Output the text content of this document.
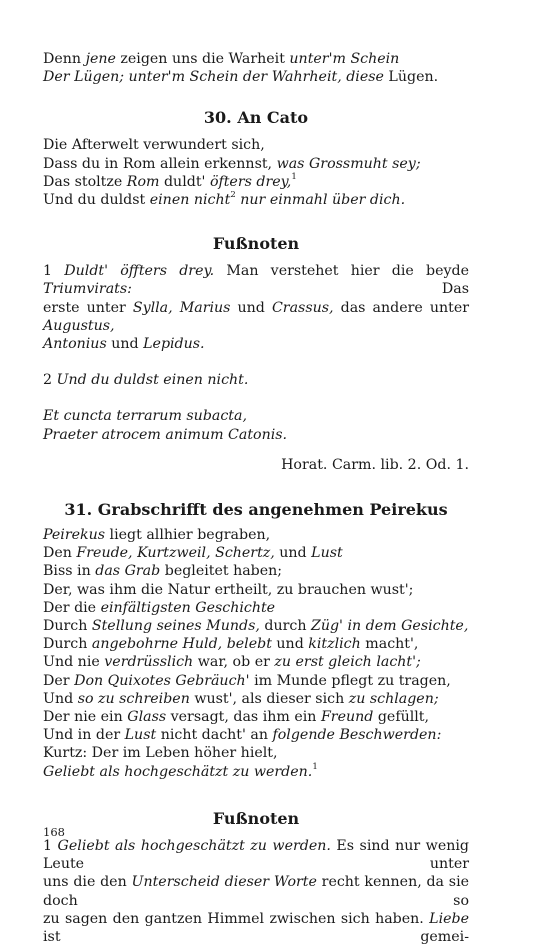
Denn jene zeigen uns die Warheit unter'm Schein
Der Lügen; unter'm Schein der Wahrheit, diese Lügen.
30. An Cato
Die Afterwelt verwundert sich,
Dass du in Rom allein erkennst, was Grossmuht sey;
Das stoltze Rom duldt' öfters drey,$^1$
Und du duldst einen nicht$^2$ nur einmahl über dich.
Fußnoten
1 Duldt' öffters drey. Man verstehet hier die beyde Triumvirats: Das
erste unter Sylla, Marius und Crassus, das andere unter Augustus,
Antonius und Lepidus.
2 Und du duldst einen nicht.
Et cuncta terrarum subacta,
Praeter atrocem animum Catonis.
Horat. Carm. lib. 2. Od. 1.
31. Grabschrifft des angenehmen Peirekus
Peirekus liegt allhier begraben,
Den Freude, Kurtzweil, Schertz, und Lust
Biss in das Grab begleitet haben;
Der, was ihm die Natur ertheilt, zu brauchen wust';
Der die einfältigsten Geschichte
Durch Stellung seines Munds, durch Züg' in dem Gesichte,
Durch angebohrne Huld, belebt und kitzlich macht',
Und nie verdrüsslich war, ob er zu erst gleich lacht';
Der Don Quixotes Gebräuch' im Munde pflegt zu tragen,
Und so zu schreiben wust', als dieser sich zu schlagen;
Der nie ein Glass versagt, das ihm ein Freund gefüllt,
Und in der Lust nicht dacht' an folgende Beschwerden:
Kurtz: Der im Leben höher hielt,
Geliebt als hochgeschätzt zu werden.$^1$
Fußnoten
1 Geliebt als hochgeschätzt zu werden. Es sind nur wenig Leute unter
uns die den Unterscheid dieser Worte recht kennen, da sie doch so
zu sagen den gantzen Himmel zwischen sich haben. Liebe ist gemei-
168
